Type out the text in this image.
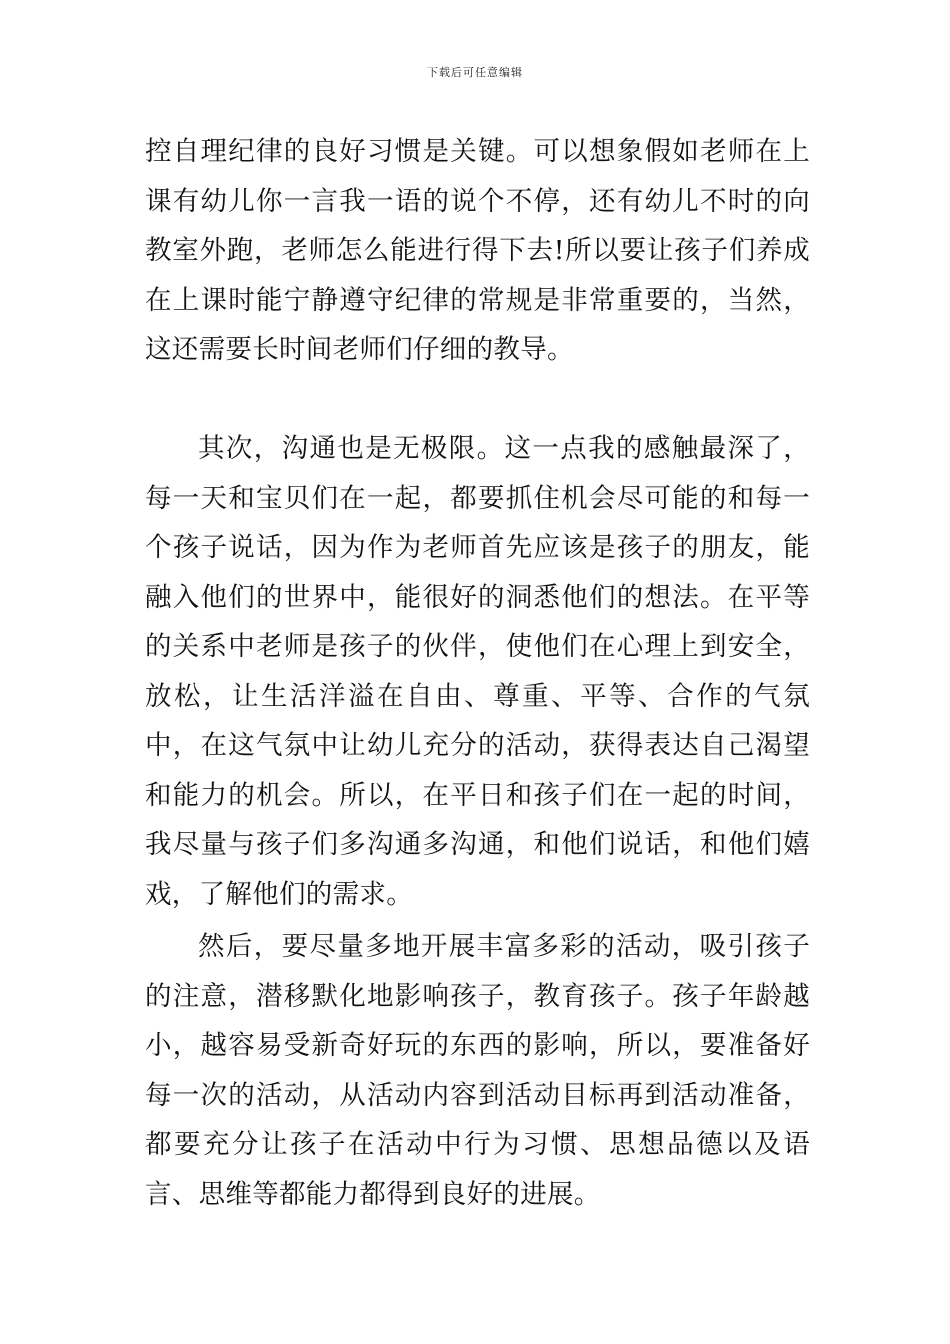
下载后可任意编辑

控自理纪律的良好习惯是关键。可以想象假如老师在上课有幼儿你一言我一语的说个不停，还有幼儿不时的向教室外跑，老师怎么能进行得下去!所以要让孩子们养成在上课时能宁静遵守纪律的常规是非常重要的，当然，这还需要长时间老师们仔细的教导。

其次，沟通也是无极限。这一点我的感触最深了，每一天和宝贝们在一起，都要抓住机会尽可能的和每一个孩子说话，因为作为老师首先应该是孩子的朋友，能融入他们的世界中，能很好的洞悉他们的想法。在平等的关系中老师是孩子的伙伴，使他们在心理上到安全，放松，让生活洋溢在自由、尊重、平等、合作的气氛中，在这气氛中让幼儿充分的活动，获得表达自己渴望和能力的机会。所以，在平日和孩子们在一起的时间，我尽量与孩子们多沟通多沟通，和他们说话，和他们嬉戏，了解他们的需求。

然后，要尽量多地开展丰富多彩的活动，吸引孩子的注意，潜移默化地影响孩子，教育孩子。孩子年龄越小，越容易受新奇好玩的东西的影响，所以，要准备好每一次的活动，从活动内容到活动目标再到活动准备，都要充分让孩子在活动中行为习惯、思想品德以及语言、思维等都能力都得到良好的进展。
